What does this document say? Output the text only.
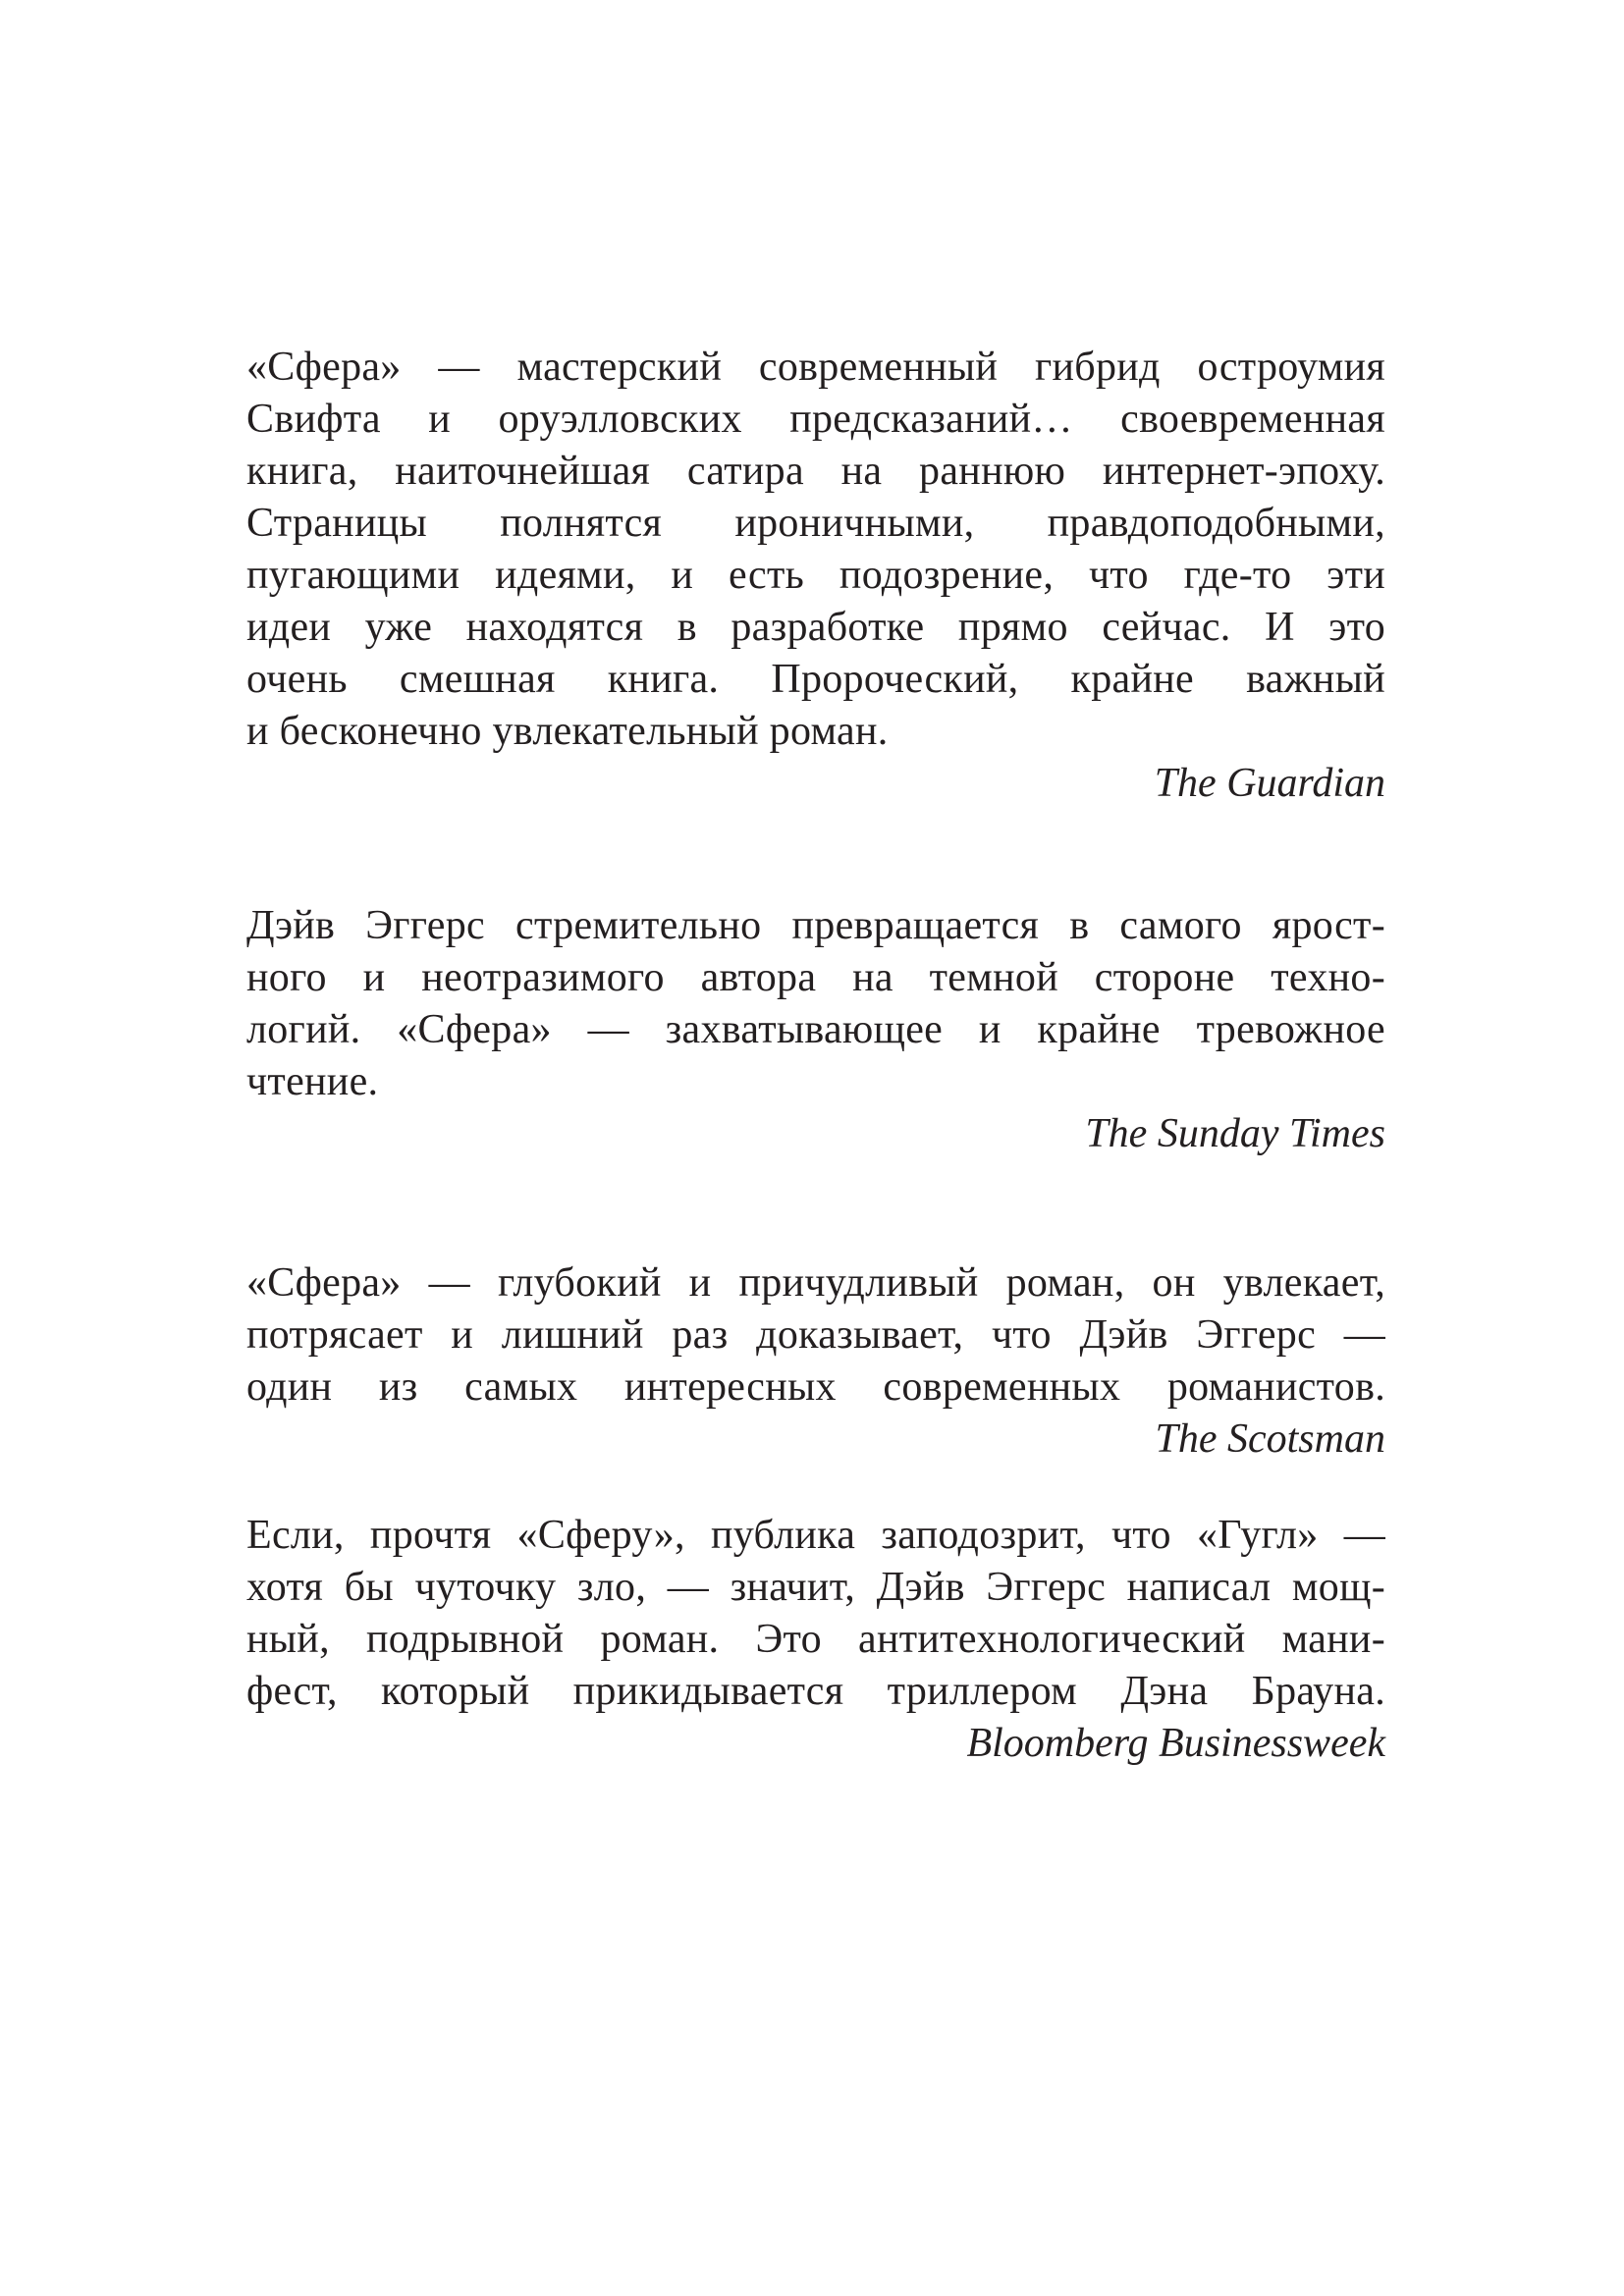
«Сфера» — мастерский современный гибрид остроумия
Свифта и оруэлловских предсказаний… своевременная
книга, наиточнейшая сатира на раннюю интернет-эпоху.
Страницы полнятся ироничными, правдоподобными,
пугающими идеями, и есть подозрение, что где-то эти
идеи уже находятся в разработке прямо сейчас. И это
очень смешная книга. Пророческий, крайне важный
и бесконечно увлекательный роман.
The Guardian
Дэйв Эггерс стремительно превращается в самого ярост-
ного и неотразимого автора на темной стороне техно-
логий. «Сфера» — захватывающее и крайне тревожное
чтение.
The Sunday Times
«Сфера» — глубокий и причудливый роман, он увлекает,
потрясает и лишний раз доказывает, что Дэйв Эггерс —
один из самых интересных современных романистов.
The Scotsman
Если, прочтя «Сферу», публика заподозрит, что «Гугл» —
хотя бы чуточку зло, — значит, Дэйв Эггерс написал мощ-
ный, подрывной роман. Это антитехнологический мани-
фест, который прикидывается триллером Дэна Брауна.
Bloomberg Businessweek
